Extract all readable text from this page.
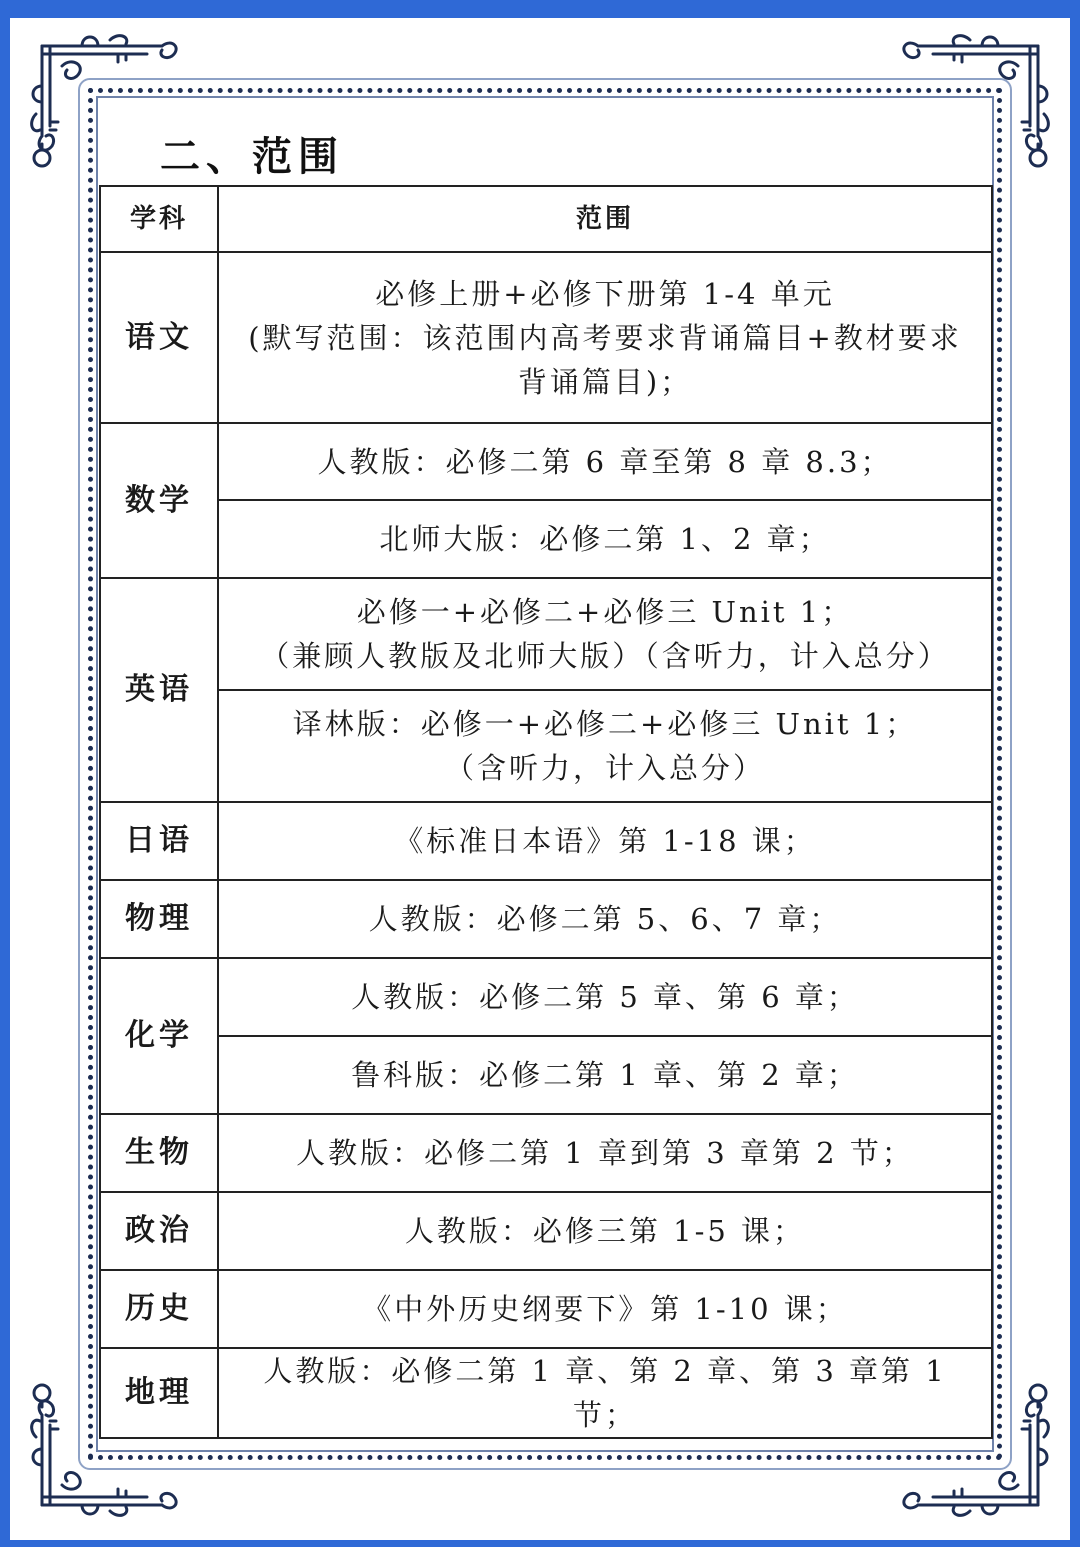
二、范围
学科	范围
语文	必修上册+必修下册第 1-4 单元
(默写范围：该范围内高考要求背诵篇目+教材要求
背诵篇目)；

数学	人教版：必修二第 6 章至第 8 章 8.3；
	北师大版：必修二第 1、2 章；
英语	必修一+必修二+必修三 Unit 1；
（兼顾人教版及北师大版）（含听力，计入总分）

	译林版：必修一+必修二+必修三 Unit 1；
（含听力，计入总分）

日语	《标准日本语》第 1-18 课；
物理	人教版：必修二第 5、6、7 章；
化学	人教版：必修二第 5 章、第 6 章；
	鲁科版：必修二第 1 章、第 2 章；
生物	人教版：必修二第 1 章到第 3 章第 2 节；
政治	人教版：必修三第 1-5 课；
历史	《中外历史纲要下》第 1-10 课；
地理	人教版：必修二第 1 章、第 2 章、第 3 章第 1 节；
